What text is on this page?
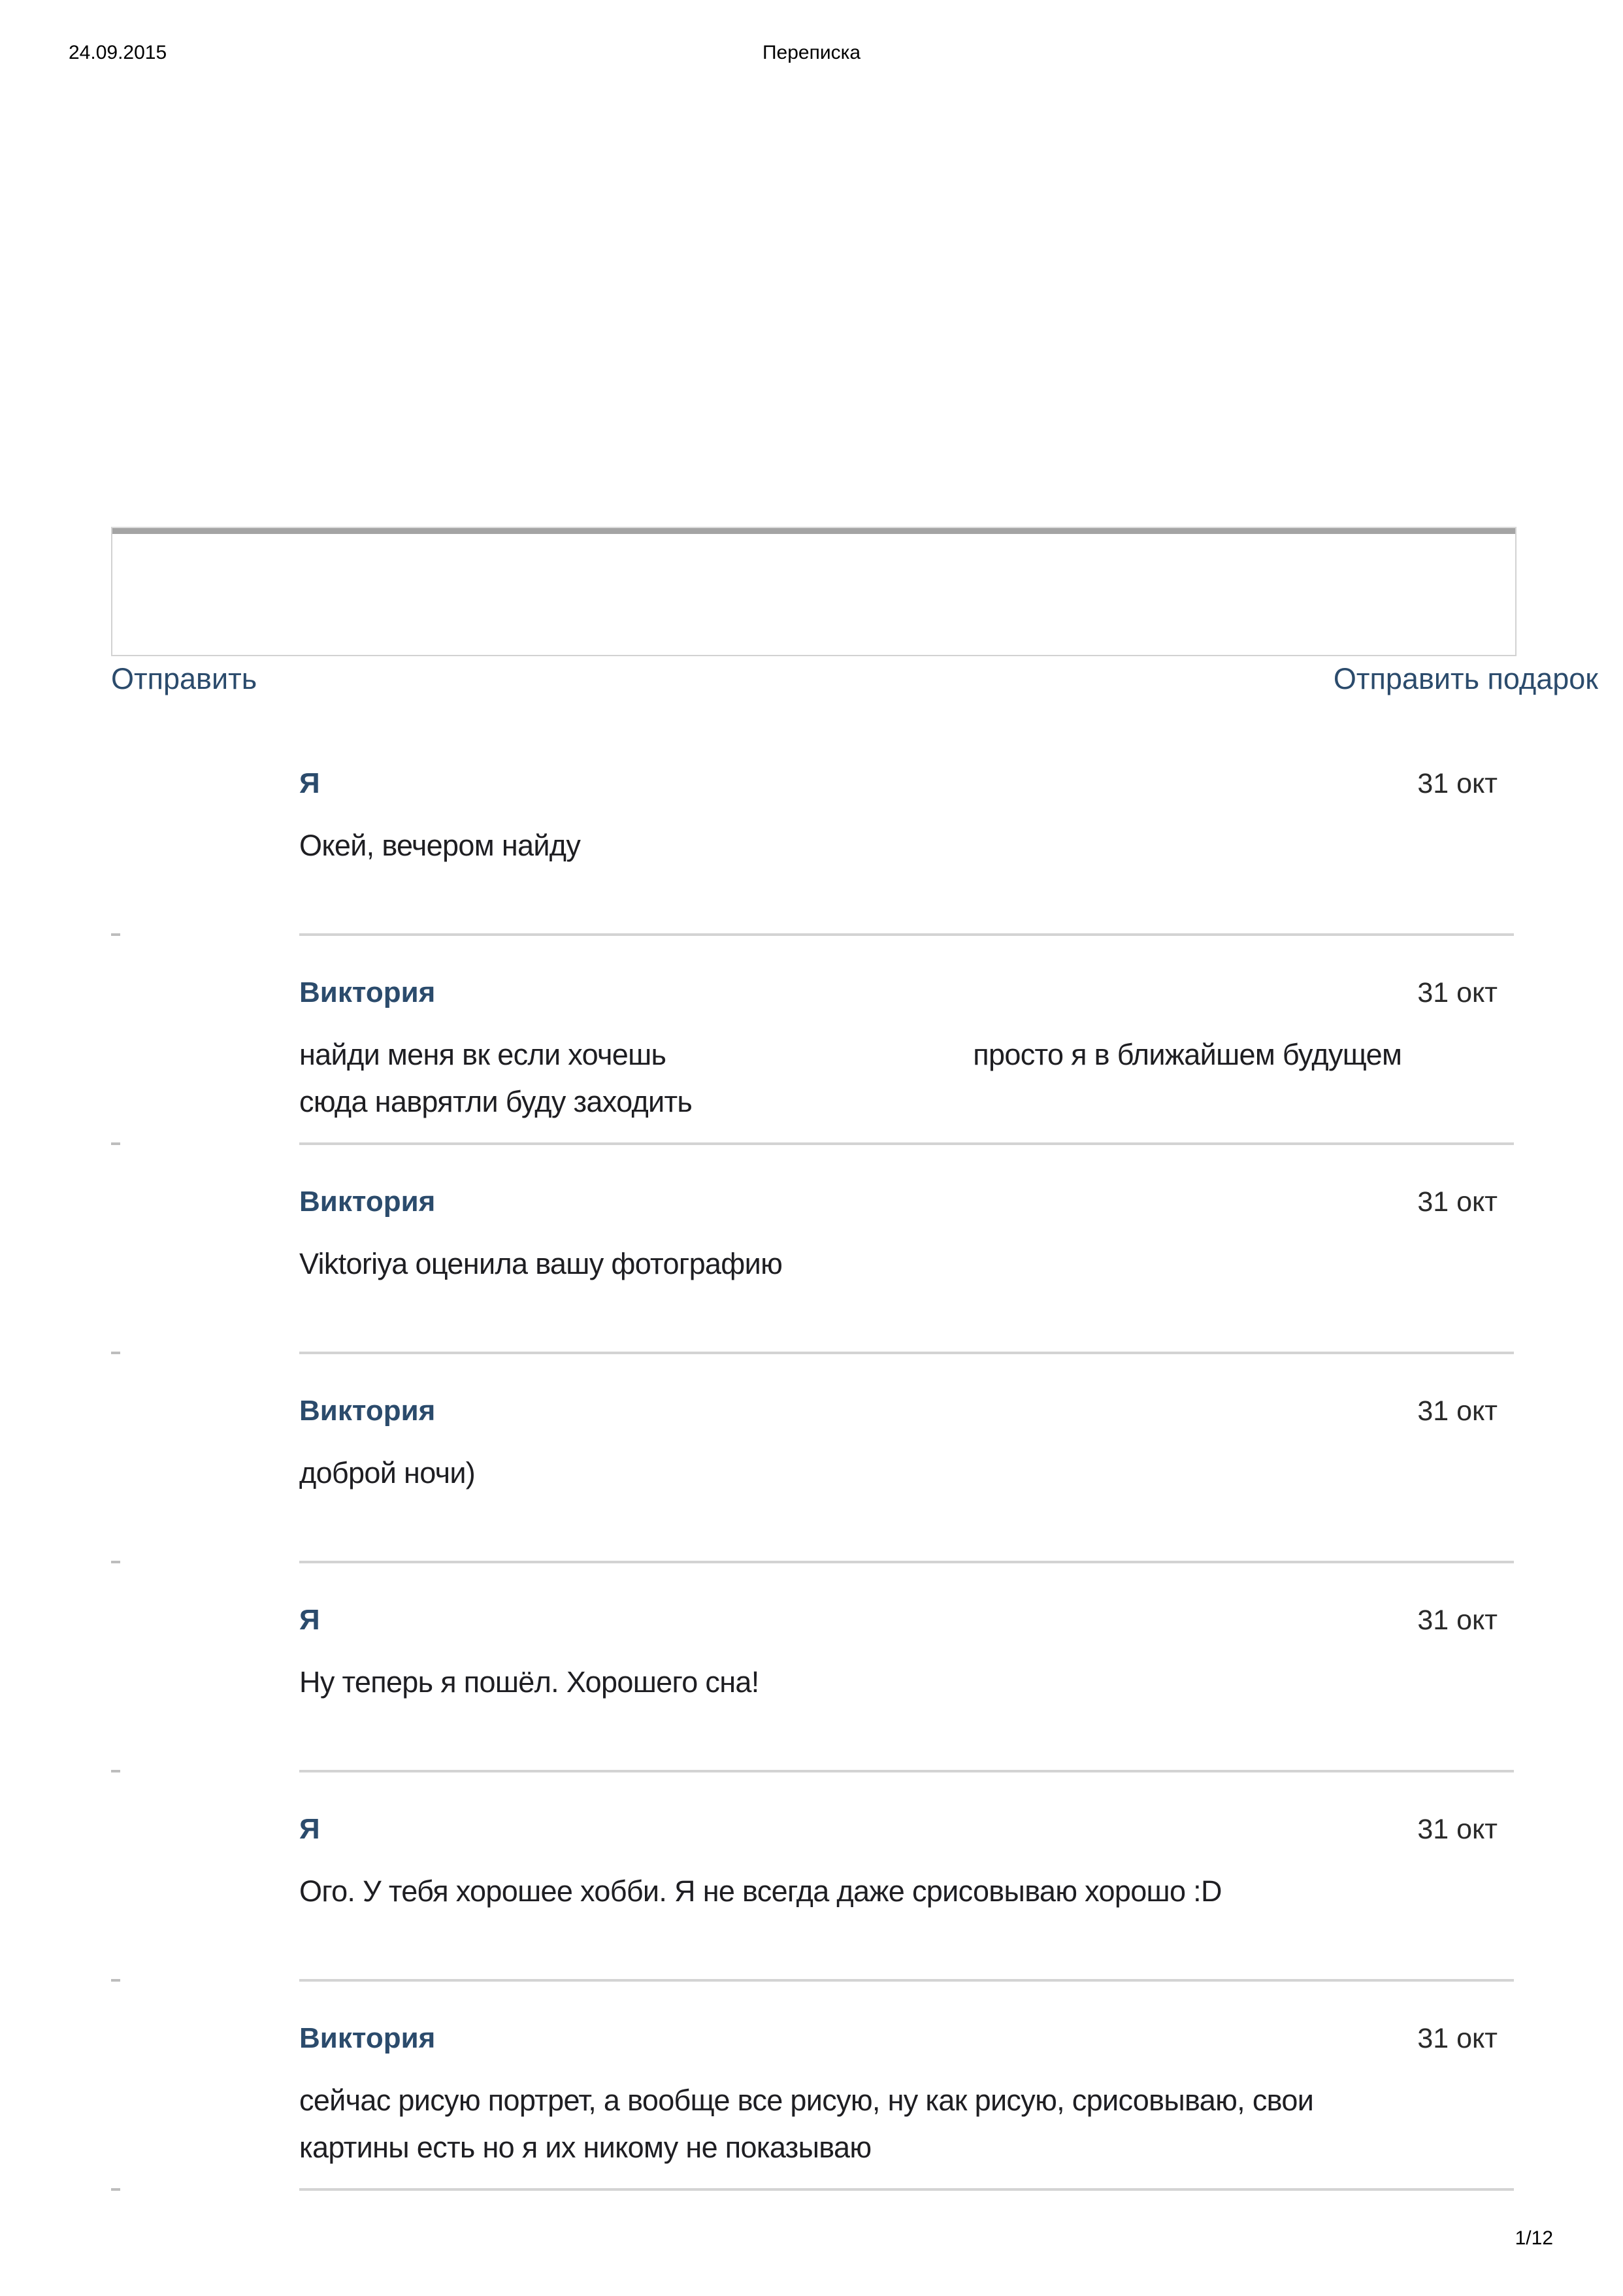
24.09.2015	Переписка
Отправить	Отправить подарок
Я	31 окт
Окей, вечером найду
Виктория	31 окт
найди меня вк если хочешь	просто я в ближайшем будущем
сюда наврятли буду заходить
Виктория	31 окт
Viktoriya оценила вашу фотографию
Виктория	31 окт
доброй ночи)
Я	31 окт
Ну теперь я пошёл. Хорошего сна!
Я	31 окт
Ого. У тебя хорошее хобби. Я не всегда даже срисовываю хорошо :D
Виктория	31 окт
сейчас рисую портрет, а вообще все рисую, ну как рисую, срисовываю, свои
картины есть но я их никому не показываю
1/12
